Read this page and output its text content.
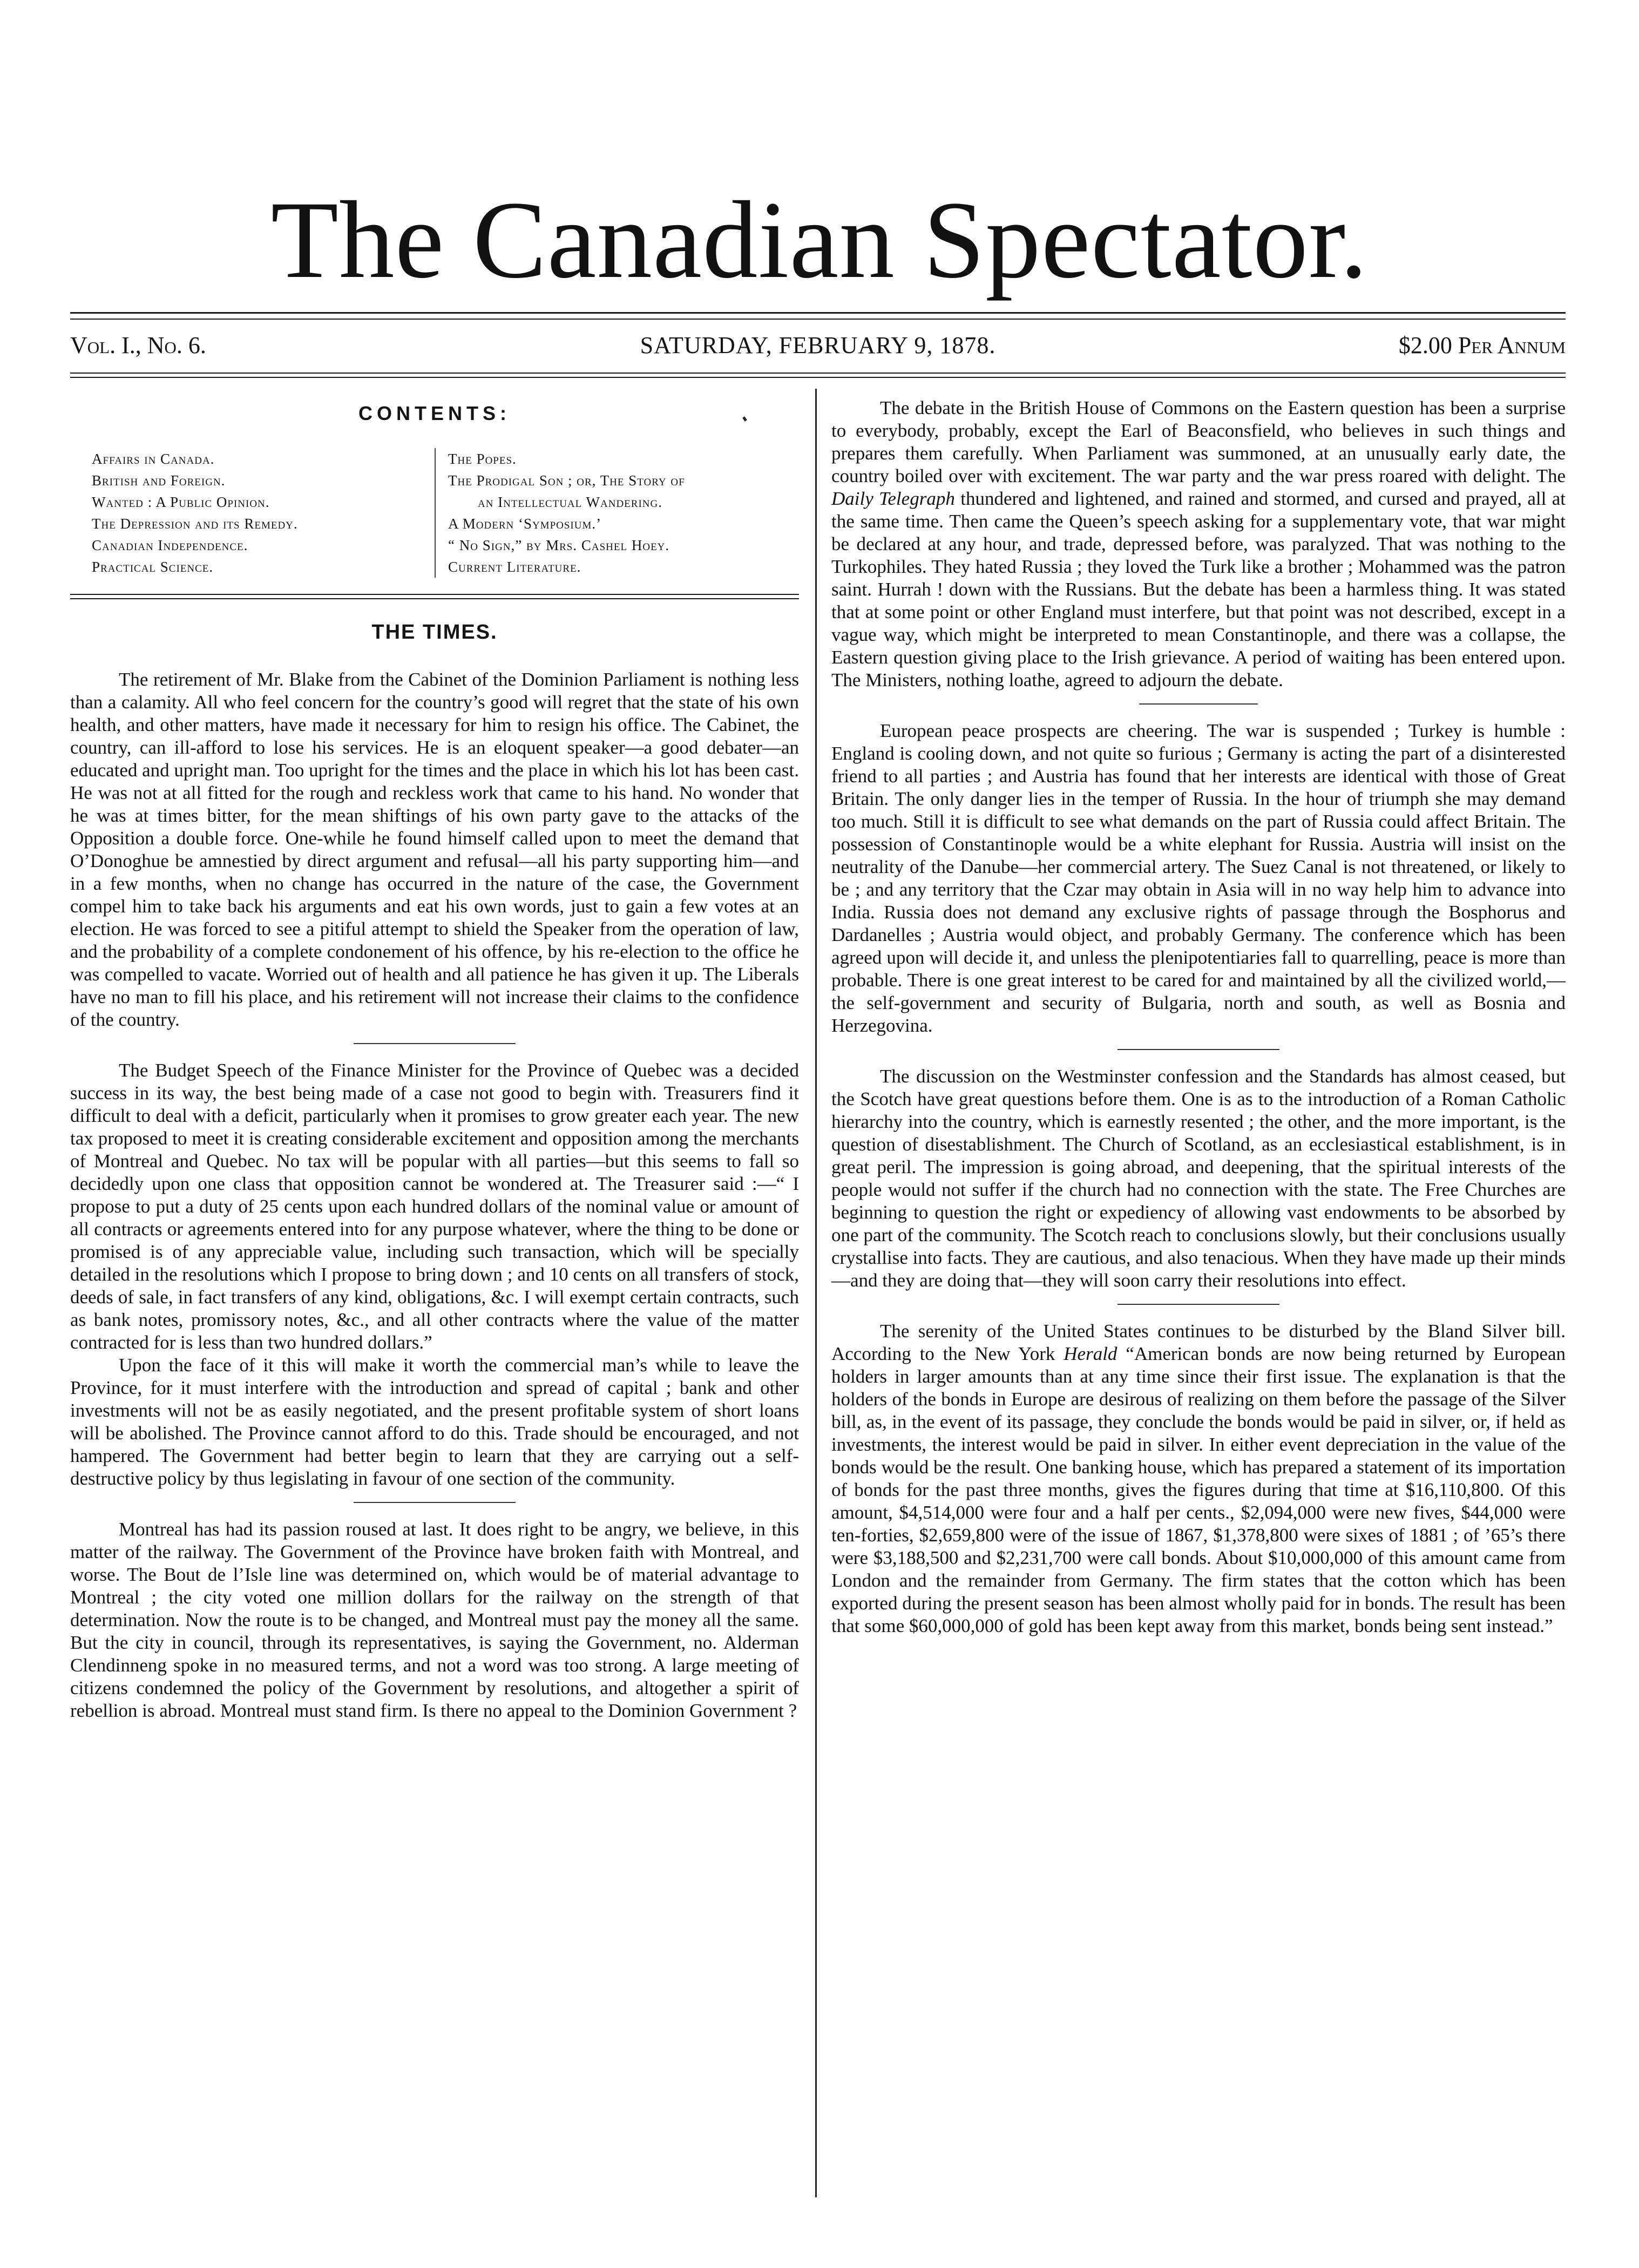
The Canadian Spectator.
Vol. I., No. 6.	SATURDAY, FEBRUARY 9, 1878.	$2.00 Per Annum
CONTENTS:
Affairs in Canada.
British and Foreign.
Wanted : A Public Opinion.
The Depression and its Remedy.
Canadian Independence.
Practical Science.
The Popes.
The Prodigal Son ; or, The Story of
an Intellectual Wandering.
A Modern ‘Symposium.’
“ No Sign,” by Mrs. Cashel Hoey.
Current Literature.
THE TIMES.

The retirement of Mr. Blake from the Cabinet of the Dominion Parliament is nothing less than a calamity. All who feel concern for the country’s good will regret that the state of his own health, and other matters, have made it necessary for him to resign his office. The Cabinet, the country, can ill-afford to lose his services. He is an eloquent speaker—a good debater—an educated and upright man. Too upright for the times and the place in which his lot has been cast. He was not at all fitted for the rough and reckless work that came to his hand. No wonder that he was at times bitter, for the mean shiftings of his own party gave to the attacks of the Opposition a double force. One-while he found himself called upon to meet the demand that O’Donoghue be amnestied by direct argument and refusal—all his party supporting him—and in a few months, when no change has occurred in the nature of the case, the Government compel him to take back his arguments and eat his own words, just to gain a few votes at an election. He was forced to see a pitiful attempt to shield the Speaker from the operation of law, and the probability of a complete condonement of his offence, by his re-election to the office he was compelled to vacate. Worried out of health and all patience he has given it up. The Liberals have no man to fill his place, and his retirement will not increase their claims to the confidence of the country.

The Budget Speech of the Finance Minister for the Province of Quebec was a decided success in its way, the best being made of a case not good to begin with. Treasurers find it difficult to deal with a deficit, particularly when it promises to grow greater each year. The new tax proposed to meet it is creating considerable excitement and opposition among the merchants of Montreal and Quebec. No tax will be popular with all parties—but this seems to fall so decidedly upon one class that opposition cannot be wondered at. The Treasurer said :—“ I propose to put a duty of 25 cents upon each hundred dollars of the nominal value or amount of all contracts or agreements entered into for any purpose whatever, where the thing to be done or promised is of any appreciable value, including such transaction, which will be specially detailed in the resolutions which I propose to bring down ; and 10 cents on all transfers of stock, deeds of sale, in fact transfers of any kind, obligations, &c. I will exempt certain contracts, such as bank notes, promissory notes, &c., and all other contracts where the value of the matter contracted for is less than two hundred dollars.”

Upon the face of it this will make it worth the commercial man’s while to leave the Province, for it must interfere with the introduction and spread of capital ; bank and other investments will not be as easily negotiated, and the present profitable system of short loans will be abolished. The Province cannot afford to do this. Trade should be encouraged, and not hampered. The Government had better begin to learn that they are carrying out a self-destructive policy by thus legislating in favour of one section of the community.

Montreal has had its passion roused at last. It does right to be angry, we believe, in this matter of the railway. The Government of the Province have broken faith with Montreal, and worse. The Bout de l’Isle line was determined on, which would be of material advantage to Montreal ; the city voted one million dollars for the railway on the strength of that determination. Now the route is to be changed, and Montreal must pay the money all the same. But the city in council, through its representatives, is saying the Government, no. Alderman Clendinneng spoke in no measured terms, and not a word was too strong. A large meeting of citizens condemned the policy of the Government by resolutions, and altogether a spirit of rebellion is abroad. Montreal must stand firm. Is there no appeal to the Dominion Government ?

The debate in the British House of Commons on the Eastern question has been a surprise to everybody, probably, except the Earl of Beaconsfield, who believes in such things and prepares them carefully. When Parliament was summoned, at an unusually early date, the country boiled over with excitement. The war party and the war press roared with delight. The Daily Telegraph thundered and lightened, and rained and stormed, and cursed and prayed, all at the same time. Then came the Queen’s speech asking for a supplementary vote, that war might be declared at any hour, and trade, depressed before, was paralyzed. That was nothing to the Turkophiles. They hated Russia ; they loved the Turk like a brother ; Mohammed was the patron saint. Hurrah ! down with the Russians. But the debate has been a harmless thing. It was stated that at some point or other England must interfere, but that point was not described, except in a vague way, which might be interpreted to mean Constantinople, and there was a collapse, the Eastern question giving place to the Irish grievance. A period of waiting has been entered upon. The Ministers, nothing loathe, agreed to adjourn the debate.

European peace prospects are cheering. The war is suspended ; Turkey is humble : England is cooling down, and not quite so furious ; Germany is acting the part of a disinterested friend to all parties ; and Austria has found that her interests are identical with those of Great Britain. The only danger lies in the temper of Russia. In the hour of triumph she may demand too much. Still it is difficult to see what demands on the part of Russia could affect Britain. The possession of Constantinople would be a white elephant for Russia. Austria will insist on the neutrality of the Danube—her commercial artery. The Suez Canal is not threatened, or likely to be ; and any territory that the Czar may obtain in Asia will in no way help him to advance into India. Russia does not demand any exclusive rights of passage through the Bosphorus and Dardanelles ; Austria would object, and probably Germany. The conference which has been agreed upon will decide it, and unless the plenipotentiaries fall to quarrelling, peace is more than probable. There is one great interest to be cared for and maintained by all the civilized world,—the self-government and security of Bulgaria, north and south, as well as Bosnia and Herzegovina.

The discussion on the Westminster confession and the Standards has almost ceased, but the Scotch have great questions before them. One is as to the introduction of a Roman Catholic hierarchy into the country, which is earnestly resented ; the other, and the more important, is the question of disestablishment. The Church of Scotland, as an ecclesiastical establishment, is in great peril. The impression is going abroad, and deepening, that the spiritual interests of the people would not suffer if the church had no connection with the state. The Free Churches are beginning to question the right or expediency of allowing vast endowments to be absorbed by one part of the community. The Scotch reach to conclusions slowly, but their conclusions usually crystallise into facts. They are cautious, and also tenacious. When they have made up their minds—and they are doing that—they will soon carry their resolutions into effect.

The serenity of the United States continues to be disturbed by the Bland Silver bill. According to the New York Herald “American bonds are now being returned by European holders in larger amounts than at any time since their first issue. The explanation is that the holders of the bonds in Europe are desirous of realizing on them before the passage of the Silver bill, as, in the event of its passage, they conclude the bonds would be paid in silver, or, if held as investments, the interest would be paid in silver. In either event depreciation in the value of the bonds would be the result. One banking house, which has prepared a statement of its importation of bonds for the past three months, gives the figures during that time at $16,110,800. Of this amount, $4,514,000 were four and a half per cents., $2,094,000 were new fives, $44,000 were ten-forties, $2,659,800 were of the issue of 1867, $1,378,800 were sixes of 1881 ; of ’65’s there were $3,188,500 and $2,231,700 were call bonds. About $10,000,000 of this amount came from London and the remainder from Germany. The firm states that the cotton which has been exported during the present season has been almost wholly paid for in bonds. The result has been that some $60,000,000 of gold has been kept away from this market, bonds being sent instead.”
